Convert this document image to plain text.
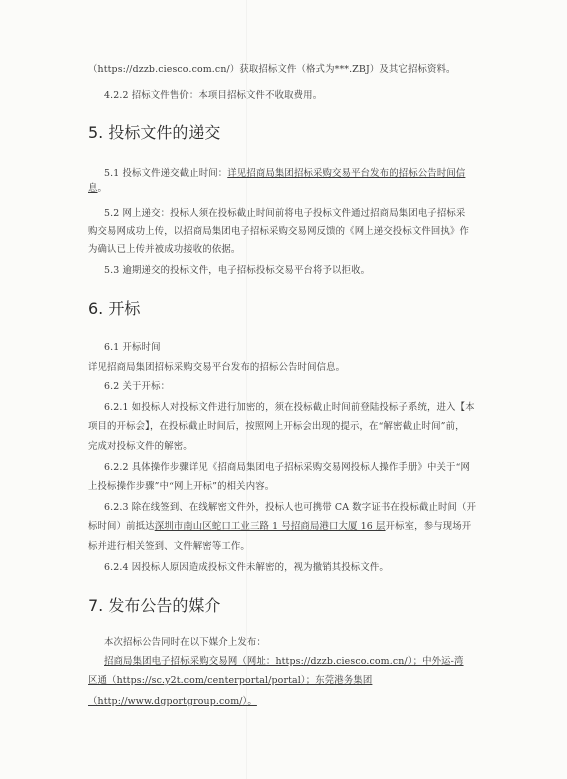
（https://dzzb.ciesco.com.cn/）获取招标文件（格式为***.ZBJ）及其它招标资料。
4.2.2 招标文件售价：本项目招标文件不收取费用。
5. 投标文件的递交
5.1 投标文件递交截止时间：详见招商局集团招标采购交易平台发布的招标公告时间信
息。
5.2 网上递交：投标人须在投标截止时间前将电子投标文件通过招商局集团电子招标采
购交易网成功上传，以招商局集团电子招标采购交易网反馈的《网上递交投标文件回执》作
为确认已上传并被成功接收的依据。
5.3 逾期递交的投标文件，电子招标投标交易平台将予以拒收。
6. 开标
6.1 开标时间
详见招商局集团招标采购交易平台发布的招标公告时间信息。
6.2 关于开标：
6.2.1 如投标人对投标文件进行加密的，须在投标截止时间前登陆投标子系统，进入【本
项目的开标会】，在投标截止时间后，按照网上开标会出现的提示，在“解密截止时间”前，
完成对投标文件的解密。
6.2.2 具体操作步骤详见《招商局集团电子招标采购交易网投标人操作手册》中关于“网
上投标操作步骤”中“网上开标”的相关内容。
6.2.3 除在线签到、在线解密文件外，投标人也可携带 CA 数字证书在投标截止时间（开
标时间）前抵达深圳市南山区蛇口工业三路 1 号招商局港口大厦 16 层开标室，参与现场开
标并进行相关签到、文件解密等工作。
6.2.4 因投标人原因造成投标文件未解密的，视为撤销其投标文件。
7. 发布公告的媒介
本次招标公告同时在以下媒介上发布：
招商局集团电子招标采购交易网（网址：https://dzzb.ciesco.com.cn/）；中外运-湾
区通（https://sc.y2t.com/centerportal/portal）；东莞港务集团
（http://www.dgportgroup.com/）。
